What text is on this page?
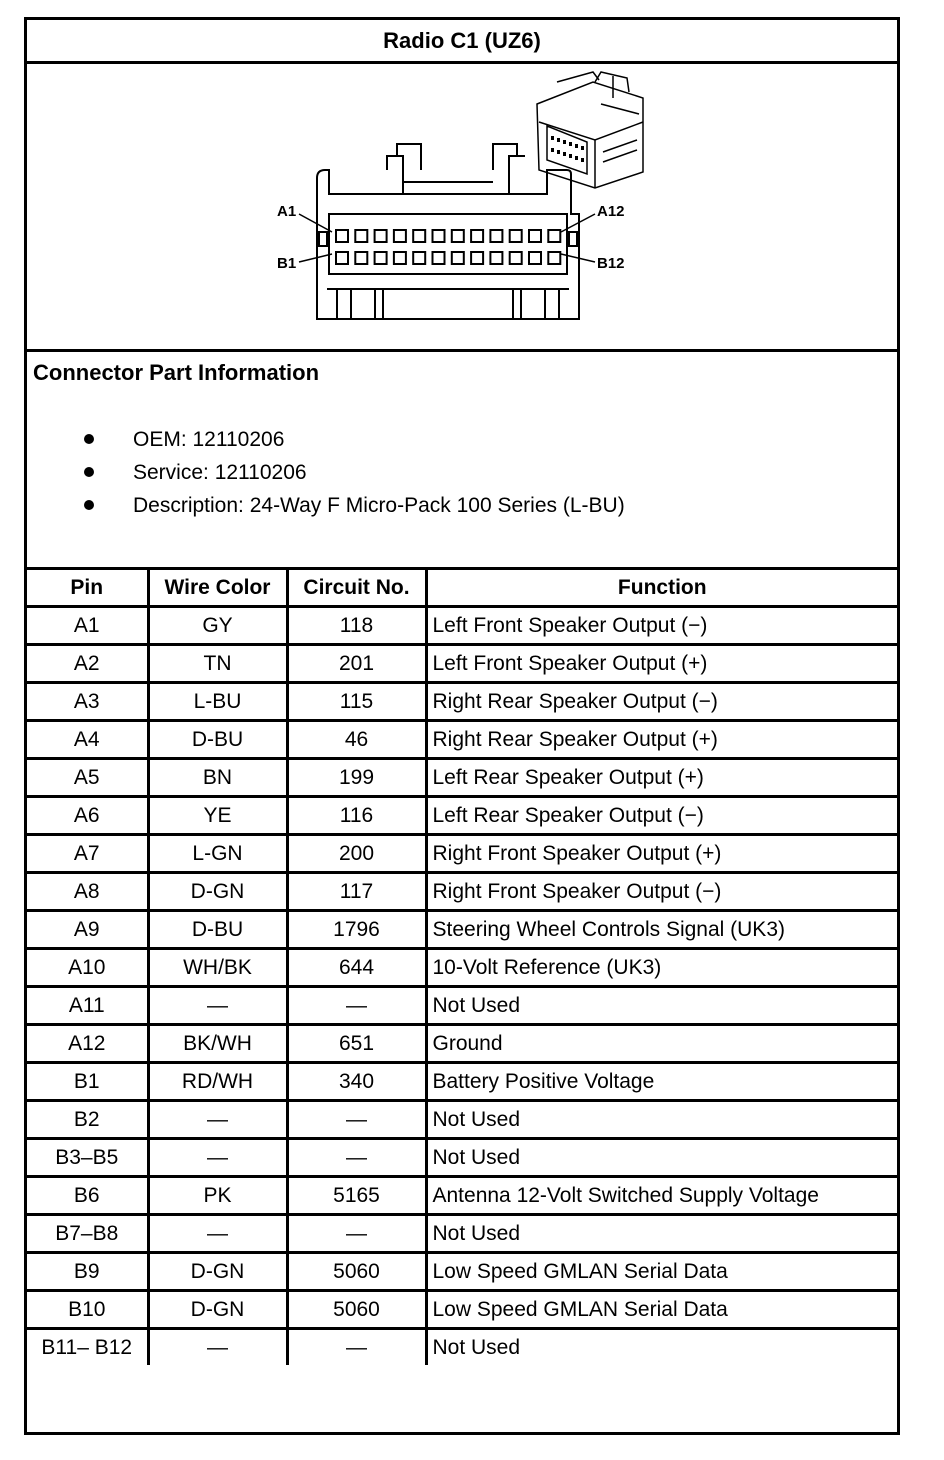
Radio C1 (UZ6)
A1
B1
A12
B12
Connector Part Information
OEM: 12110206
Service: 12110206
Description: 24-Way F Micro-Pack 100 Series (L-BU)
Pin	Wire Color	Circuit No.	Function
A1	GY	118	Left Front Speaker Output (−)
A2	TN	201	Left Front Speaker Output (+)
A3	L-BU	115	Right Rear Speaker Output (−)
A4	D-BU	46	Right Rear Speaker Output (+)
A5	BN	199	Left Rear Speaker Output (+)
A6	YE	116	Left Rear Speaker Output (−)
A7	L-GN	200	Right Front Speaker Output (+)
A8	D-GN	117	Right Front Speaker Output (−)
A9	D-BU	1796	Steering Wheel Controls Signal (UK3)
A10	WH/BK	644	10-Volt Reference (UK3)
A11	—	—	Not Used
A12	BK/WH	651	Ground
B1	RD/WH	340	Battery Positive Voltage
B2	—	—	Not Used
B3–B5	—	—	Not Used
B6	PK	5165	Antenna 12-Volt Switched Supply Voltage
B7–B8	—	—	Not Used
B9	D-GN	5060	Low Speed GMLAN Serial Data
B10	D-GN	5060	Low Speed GMLAN Serial Data
B11– B12	—	—	Not Used
